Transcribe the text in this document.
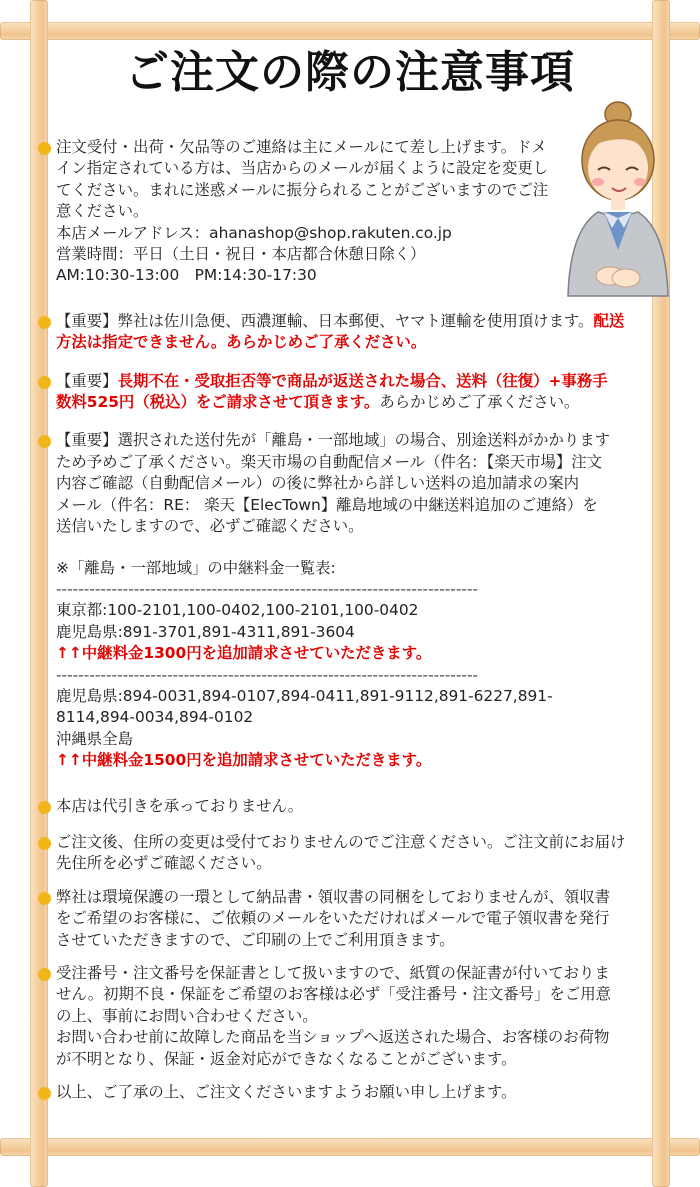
ご注文の際の注意事項
注文受付・出荷・欠品等のご連絡は主にメールにて差し上げます。ドメ
イン指定されている方は、当店からのメールが届くように設定を変更し
てください。まれに迷惑メールに振分られることがございますのでご注
意ください。
本店メールアドレス：ahanashop@shop.rakuten.co.jp
営業時間：平日（土日・祝日・本店都合休憩日除く）
AM:10:30-13:00　PM:14:30-17:30
【重要】弊社は佐川急便、西濃運輸、日本郵便、ヤマト運輸を使用頂けます。配送
方法は指定できません。あらかじめご了承ください。
【重要】長期不在・受取拒否等で商品が返送された場合、送料（往復）+事務手
数料525円（税込）をご請求させて頂きます。あらかじめご了承ください。
【重要】選択された送付先が「離島・一部地域」の場合、別途送料がかかります
ため予めご了承ください。楽天市場の自動配信メール（件名：【楽天市場】注文
内容ご確認（自動配信メール）の後に弊社から詳しい送料の追加請求の案内
メール（件名：RE： 楽天【ElecTown】離島地域の中継送料追加のご連絡）を
送信いたしますので、必ずご確認ください。
※「離島・一部地域」の中継料金一覧表:
----------------------------------------------------------------------------
東京都:100-2101,100-0402,100-2101,100-0402
鹿児島県:891-3701,891-4311,891-3604
↑↑中継料金1300円を追加請求させていただきます。
----------------------------------------------------------------------------
鹿児島県:894-0031,894-0107,894-0411,891-9112,891-6227,891-
8114,894-0034,894-0102
沖縄県全島
↑↑中継料金1500円を追加請求させていただきます。
本店は代引きを承っておりません。
ご注文後、住所の変更は受付ておりませんのでご注意ください。ご注文前にお届け
先住所を必ずご確認ください。
弊社は環境保護の一環として納品書・領収書の同梱をしておりませんが、領収書
をご希望のお客様に、ご依頼のメールをいただければメールで電子領収書を発行
させていただきますので、ご印刷の上でご利用頂きます。
受注番号・注文番号を保証書として扱いますので、紙質の保証書が付いておりま
せん。初期不良・保証をご希望のお客様は必ず「受注番号・注文番号」をご用意
の上、事前にお問い合わせください。
お問い合わせ前に故障した商品を当ショップへ返送された場合、お客様のお荷物
が不明となり、保証・返金対応ができなくなることがございます。
以上、ご了承の上、ご注文くださいますようお願い申し上げます。
